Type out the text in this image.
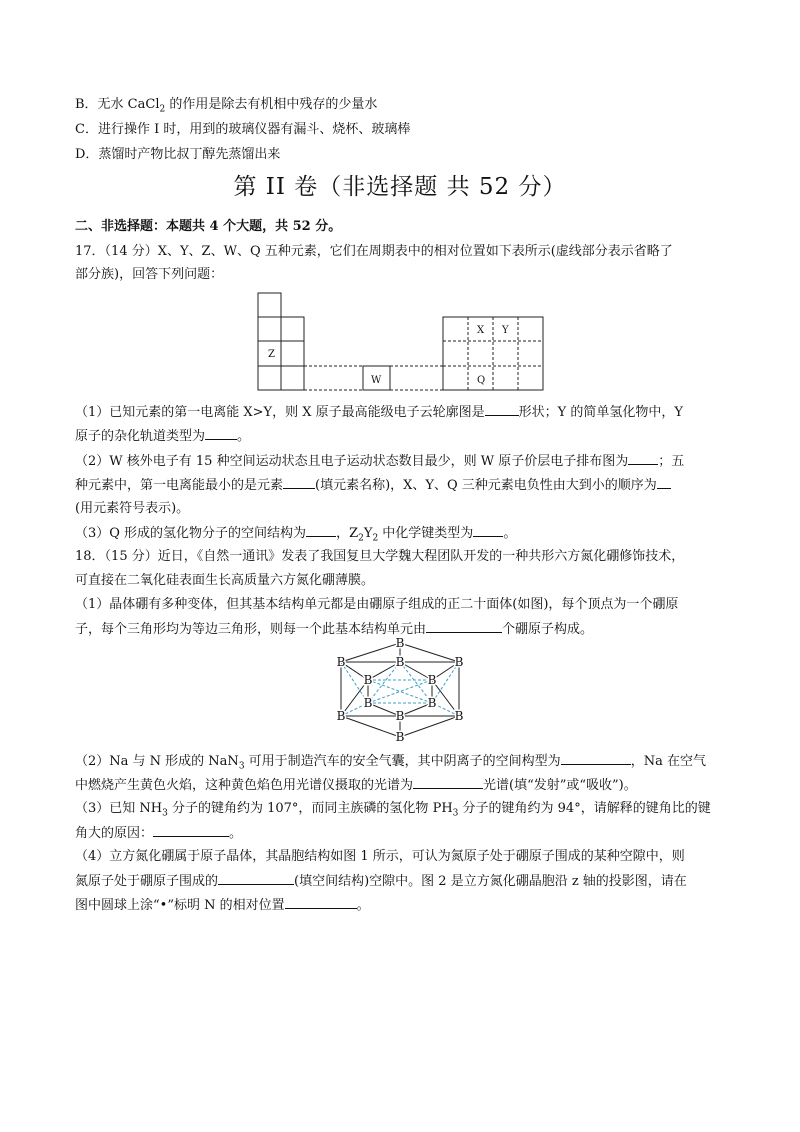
B．无水 CaCl$_2$ 的作用是除去有机相中残存的少量水
C．进行操作 I 时，用到的玻璃仪器有漏斗、烧杯、玻璃棒
D．蒸馏时产物比叔丁醇先蒸馏出来
第 II 卷（非选择题 共 52 分）
二、非选择题：本题共 4 个大题，共 52 分。
17．（14 分）X、Y、Z、W、Q 五种元素，它们在周期表中的相对位置如下表所示(虚线部分表示省略了
部分族)，回答下列问题：
Z
W
X Y
Q
（1）已知元素的第一电离能 X>Y，则 X 原子最高能级电子云轮廓图是	形状；Y 的简单氢化物中，Y
原子的杂化轨道类型为 。
（2）W 核外电子有 15 种空间运动状态且电子运动状态数目最少，则 W 原子价层电子排布图为 ；五
种元素中，第一电离能最小的是元素 (填元素名称)，X、Y、Q 三种元素电负性由大到小的顺序为
(用元素符号表示)。
（3）Q 形成的氢化物分子的空间结构为 ，$Z_2Y_2$ 中化学键类型为 。
18．（15 分）近日，《自然一通讯》发表了我国复旦大学魏大程团队开发的一种共形六方氮化硼修饰技术，
可直接在二氧化硅表面生长高质量六方氮化硼薄膜。
（1）晶体硼有多种变体，但其基本结构单元都是由硼原子组成的正二十面体(如图)，每个顶点为一个硼原
子，每个三角形均为等边三角形，则每一个此基本结构单元由	个硼原子构成。
B
B
B	B	B
B	B
B	B
B	B	B
（2）Na 与 N 形成的 NaN$_3$ 可用于制造汽车的安全气囊，其中阴离子的空间构型为	，Na 在空气
中燃烧产生黄色火焰，这种黄色焰色用光谱仪摄取的光谱为	光谱(填“发射”或“吸收”)。
（3）已知 $NH_3$ 分子的键角约为 107°，而同主族磷的氢化物 $PH_3$ 分子的键角约为 94°，请解释的键角比的键
角大的原因：	。
（4）立方氮化硼属于原子晶体，其晶胞结构如图 1 所示，可认为氮原子处于硼原子围成的某种空隙中，则
氮原子处于硼原子围成的	(填空间结构)空隙中。图 2 是立方氮化硼晶胞沿 z 轴的投影图，请在
图中圆球上涂“•”标明 N 的相对位置	。
